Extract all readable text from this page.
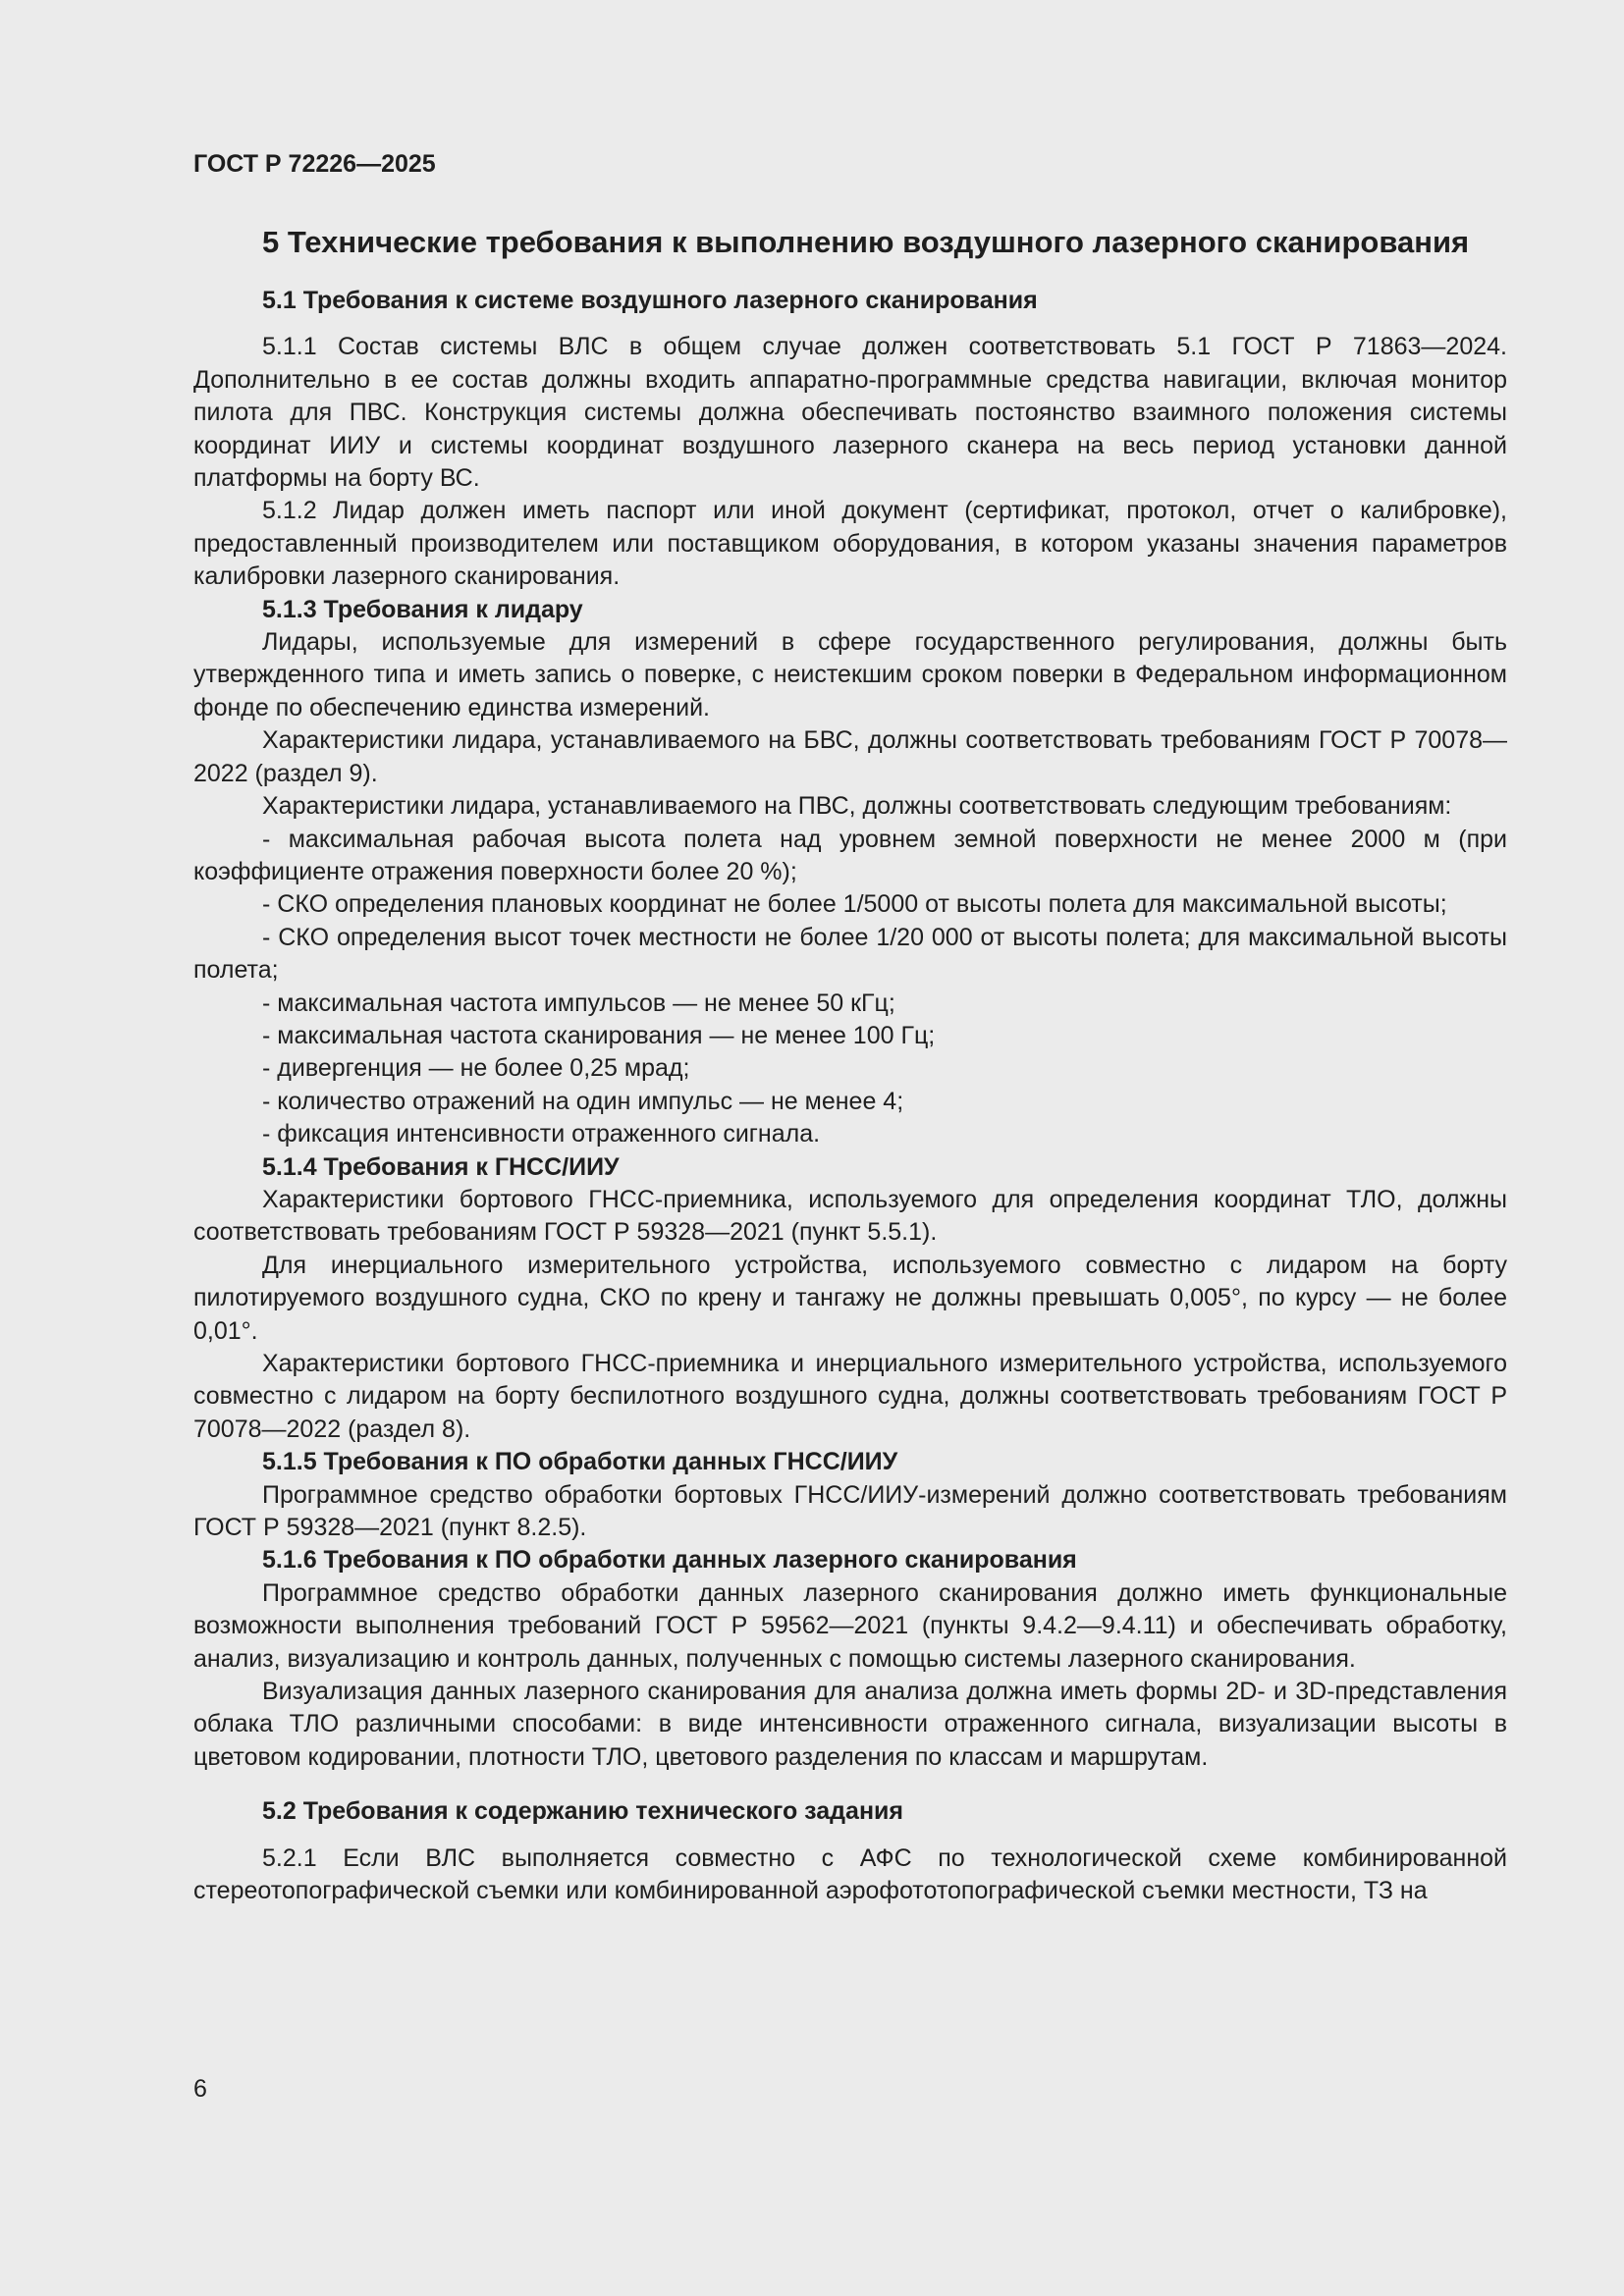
ГОСТ Р 72226—2025
5 Технические требования к выполнению воздушного лазерного сканирования
5.1 Требования к системе воздушного лазерного сканирования
5.1.1 Состав системы ВЛС в общем случае должен соответствовать 5.1 ГОСТ Р 71863—2024. Дополнительно в ее состав должны входить аппаратно-программные средства навигации, включая монитор пилота для ПВС. Конструкция системы должна обеспечивать постоянство взаимного положения системы координат ИИУ и системы координат воздушного лазерного сканера на весь период установки данной платформы на борту ВС.
5.1.2 Лидар должен иметь паспорт или иной документ (сертификат, протокол, отчет о калибровке), предоставленный производителем или поставщиком оборудования, в котором указаны значения параметров калибровки лазерного сканирования.
5.1.3 Требования к лидару
Лидары, используемые для измерений в сфере государственного регулирования, должны быть утвержденного типа и иметь запись о поверке, с неистекшим сроком поверки в Федеральном информационном фонде по обеспечению единства измерений.
Характеристики лидара, устанавливаемого на БВС, должны соответствовать требованиям ГОСТ Р 70078—2022 (раздел 9).
Характеристики лидара, устанавливаемого на ПВС, должны соответствовать следующим требованиям:
- максимальная рабочая высота полета над уровнем земной поверхности не менее 2000 м (при коэффициенте отражения поверхности более 20 %);
- СКО определения плановых координат не более 1/5000 от высоты полета для максимальной высоты;
- СКО определения высот точек местности не более 1/20 000 от высоты полета; для максимальной высоты полета;
- максимальная частота импульсов — не менее 50 кГц;
- максимальная частота сканирования — не менее 100 Гц;
- дивергенция — не более 0,25 мрад;
- количество отражений на один импульс — не менее 4;
- фиксация интенсивности отраженного сигнала.
5.1.4 Требования к ГНСС/ИИУ
Характеристики бортового ГНСС-приемника, используемого для определения координат ТЛО, должны соответствовать требованиям ГОСТ Р 59328—2021 (пункт 5.5.1).
Для инерциального измерительного устройства, используемого совместно с лидаром на борту пилотируемого воздушного судна, СКО по крену и тангажу не должны превышать 0,005°, по курсу — не более 0,01°.
Характеристики бортового ГНСС-приемника и инерциального измерительного устройства, используемого совместно с лидаром на борту беспилотного воздушного судна, должны соответствовать требованиям ГОСТ Р 70078—2022 (раздел 8).
5.1.5 Требования к ПО обработки данных ГНСС/ИИУ
Программное средство обработки бортовых ГНСС/ИИУ-измерений должно соответствовать требованиям ГОСТ Р 59328—2021 (пункт 8.2.5).
5.1.6 Требования к ПО обработки данных лазерного сканирования
Программное средство обработки данных лазерного сканирования должно иметь функциональные возможности выполнения требований ГОСТ Р 59562—2021 (пункты 9.4.2—9.4.11) и обеспечивать обработку, анализ, визуализацию и контроль данных, полученных с помощью системы лазерного сканирования.
Визуализация данных лазерного сканирования для анализа должна иметь формы 2D- и 3D-представления облака ТЛО различными способами: в виде интенсивности отраженного сигнала, визуализации высоты в цветовом кодировании, плотности ТЛО, цветового разделения по классам и маршрутам.
5.2 Требования к содержанию технического задания
5.2.1 Если ВЛС выполняется совместно с АФС по технологической схеме комбинированной стереотопографической съемки или комбинированной аэрофототопографической съемки местности, ТЗ на
6
